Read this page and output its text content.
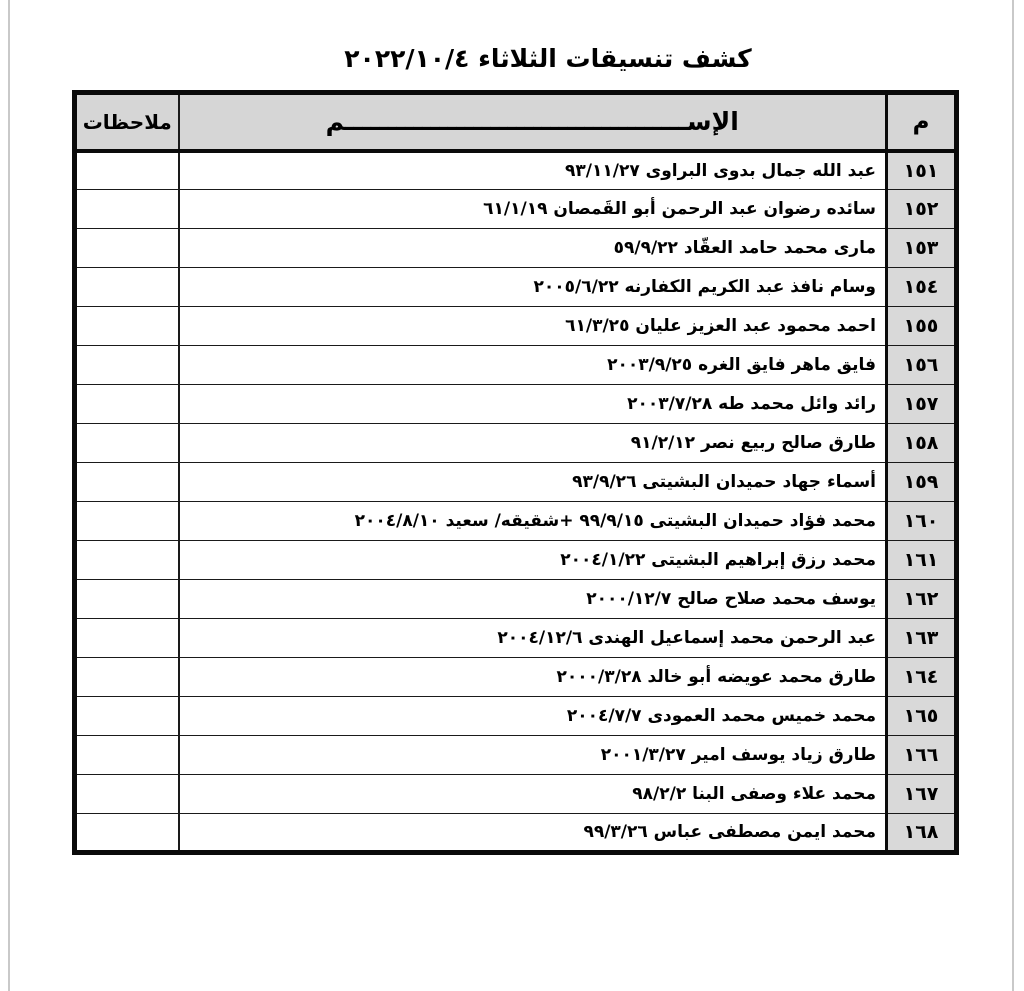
كشف تنسيقات الثلاثاء ٢٠٢٢/١٠/٤
م	الإســــــــــــــــــــــــــــــــــــــــم	ملاحظات
١٥١	عبد الله جمال بدوى البراوى ٩٣/١١/٢٧	
١٥٢	سائده رضوان عبد الرحمن أبو القَمصان ٦١/١/١٩	
١٥٣	مارى محمد حامد العقّاد ٥٩/٩/٢٢	
١٥٤	وسام نافذ عبد الكريم الكفارنه ٢٠٠٥/٦/٢٢	
١٥٥	احمد محمود عبد العزيز عليان ٦١/٣/٢٥	
١٥٦	فايق ماهر فايق الغره ٢٠٠٣/٩/٢٥	
١٥٧	رائد وائل محمد طه ٢٠٠٣/٧/٢٨	
١٥٨	طارق صالح ربيع نصر ٩١/٢/١٢	
١٥٩	أسماء جهاد حميدان البشيتى ٩٣/٩/٢٦	
١٦٠	محمد فؤاد حميدان البشيتى ٩٩/٩/١٥ +شقيقه/ سعيد ٢٠٠٤/٨/١٠	
١٦١	محمد رزق إبراهيم البشيتى ٢٠٠٤/١/٢٢	
١٦٢	يوسف محمد صلاح صالح ٢٠٠٠/١٢/٧	
١٦٣	عبد الرحمن محمد إسماعيل الهندى ٢٠٠٤/١٢/٦	
١٦٤	طارق محمد عويضه أبو خالد ٢٠٠٠/٣/٢٨	
١٦٥	محمد خميس محمد العمودى ٢٠٠٤/٧/٧	
١٦٦	طارق زياد يوسف امير ٢٠٠١/٣/٢٧	
١٦٧	محمد علاء وصفى البنا ٩٨/٢/٢	
١٦٨	محمد ايمن مصطفى عباس ٩٩/٣/٢٦	
